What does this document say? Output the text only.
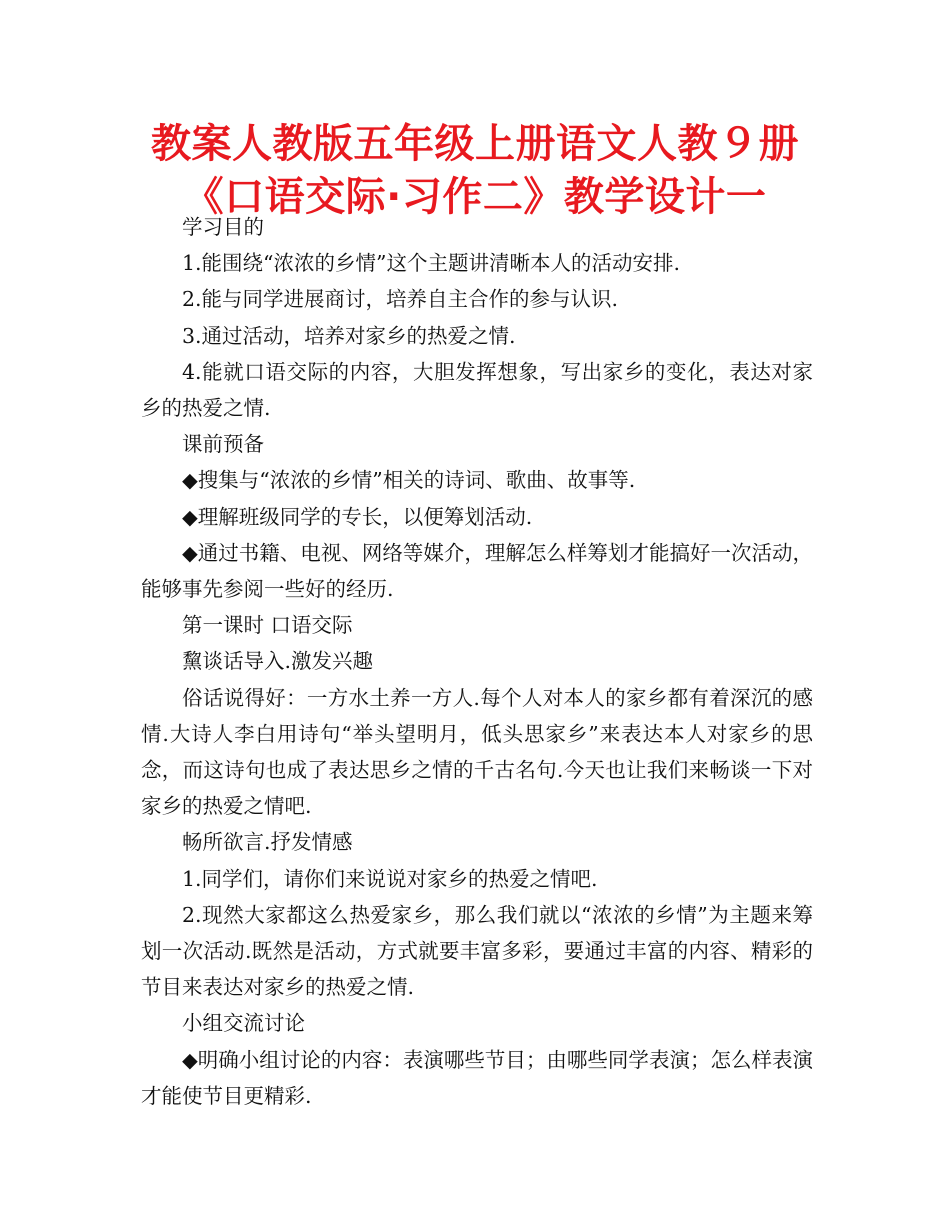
教案人教版五年级上册语文人教９册《口语交际·习作二》教学设计一

学习目的

1.能围绕“浓浓的乡情”这个主题讲清晰本人的活动安排.

2.能与同学进展商讨，培养自主合作的参与认识.

3.通过活动，培养对家乡的热爱之情.

4.能就口语交际的内容，大胆发挥想象，写出家乡的变化，表达对家乡的热爱之情.

课前预备

◆搜集与“浓浓的乡情”相关的诗词、歌曲、故事等.

◆理解班级同学的专长，以便筹划活动.

◆通过书籍、电视、网络等媒介，理解怎么样筹划才能搞好一次活动，能够事先参阅一些好的经历.

第一课时 口语交际

黧谈话导入.激发兴趣

俗话说得好：一方水土养一方人.每个人对本人的家乡都有着深沉的感情.大诗人李白用诗句“举头望明月，低头思家乡”来表达本人对家乡的思念，而这诗句也成了表达思乡之情的千古名句.今天也让我们来畅谈一下对家乡的热爱之情吧.

畅所欲言.抒发情感

1.同学们，请你们来说说对家乡的热爱之情吧.

2.现然大家都这么热爱家乡，那么我们就以“浓浓的乡情”为主题来筹划一次活动.既然是活动，方式就要丰富多彩，要通过丰富的内容、精彩的节目来表达对家乡的热爱之情.

小组交流讨论

◆明确小组讨论的内容：表演哪些节目；由哪些同学表演；怎么样表演才能使节目更精彩.
